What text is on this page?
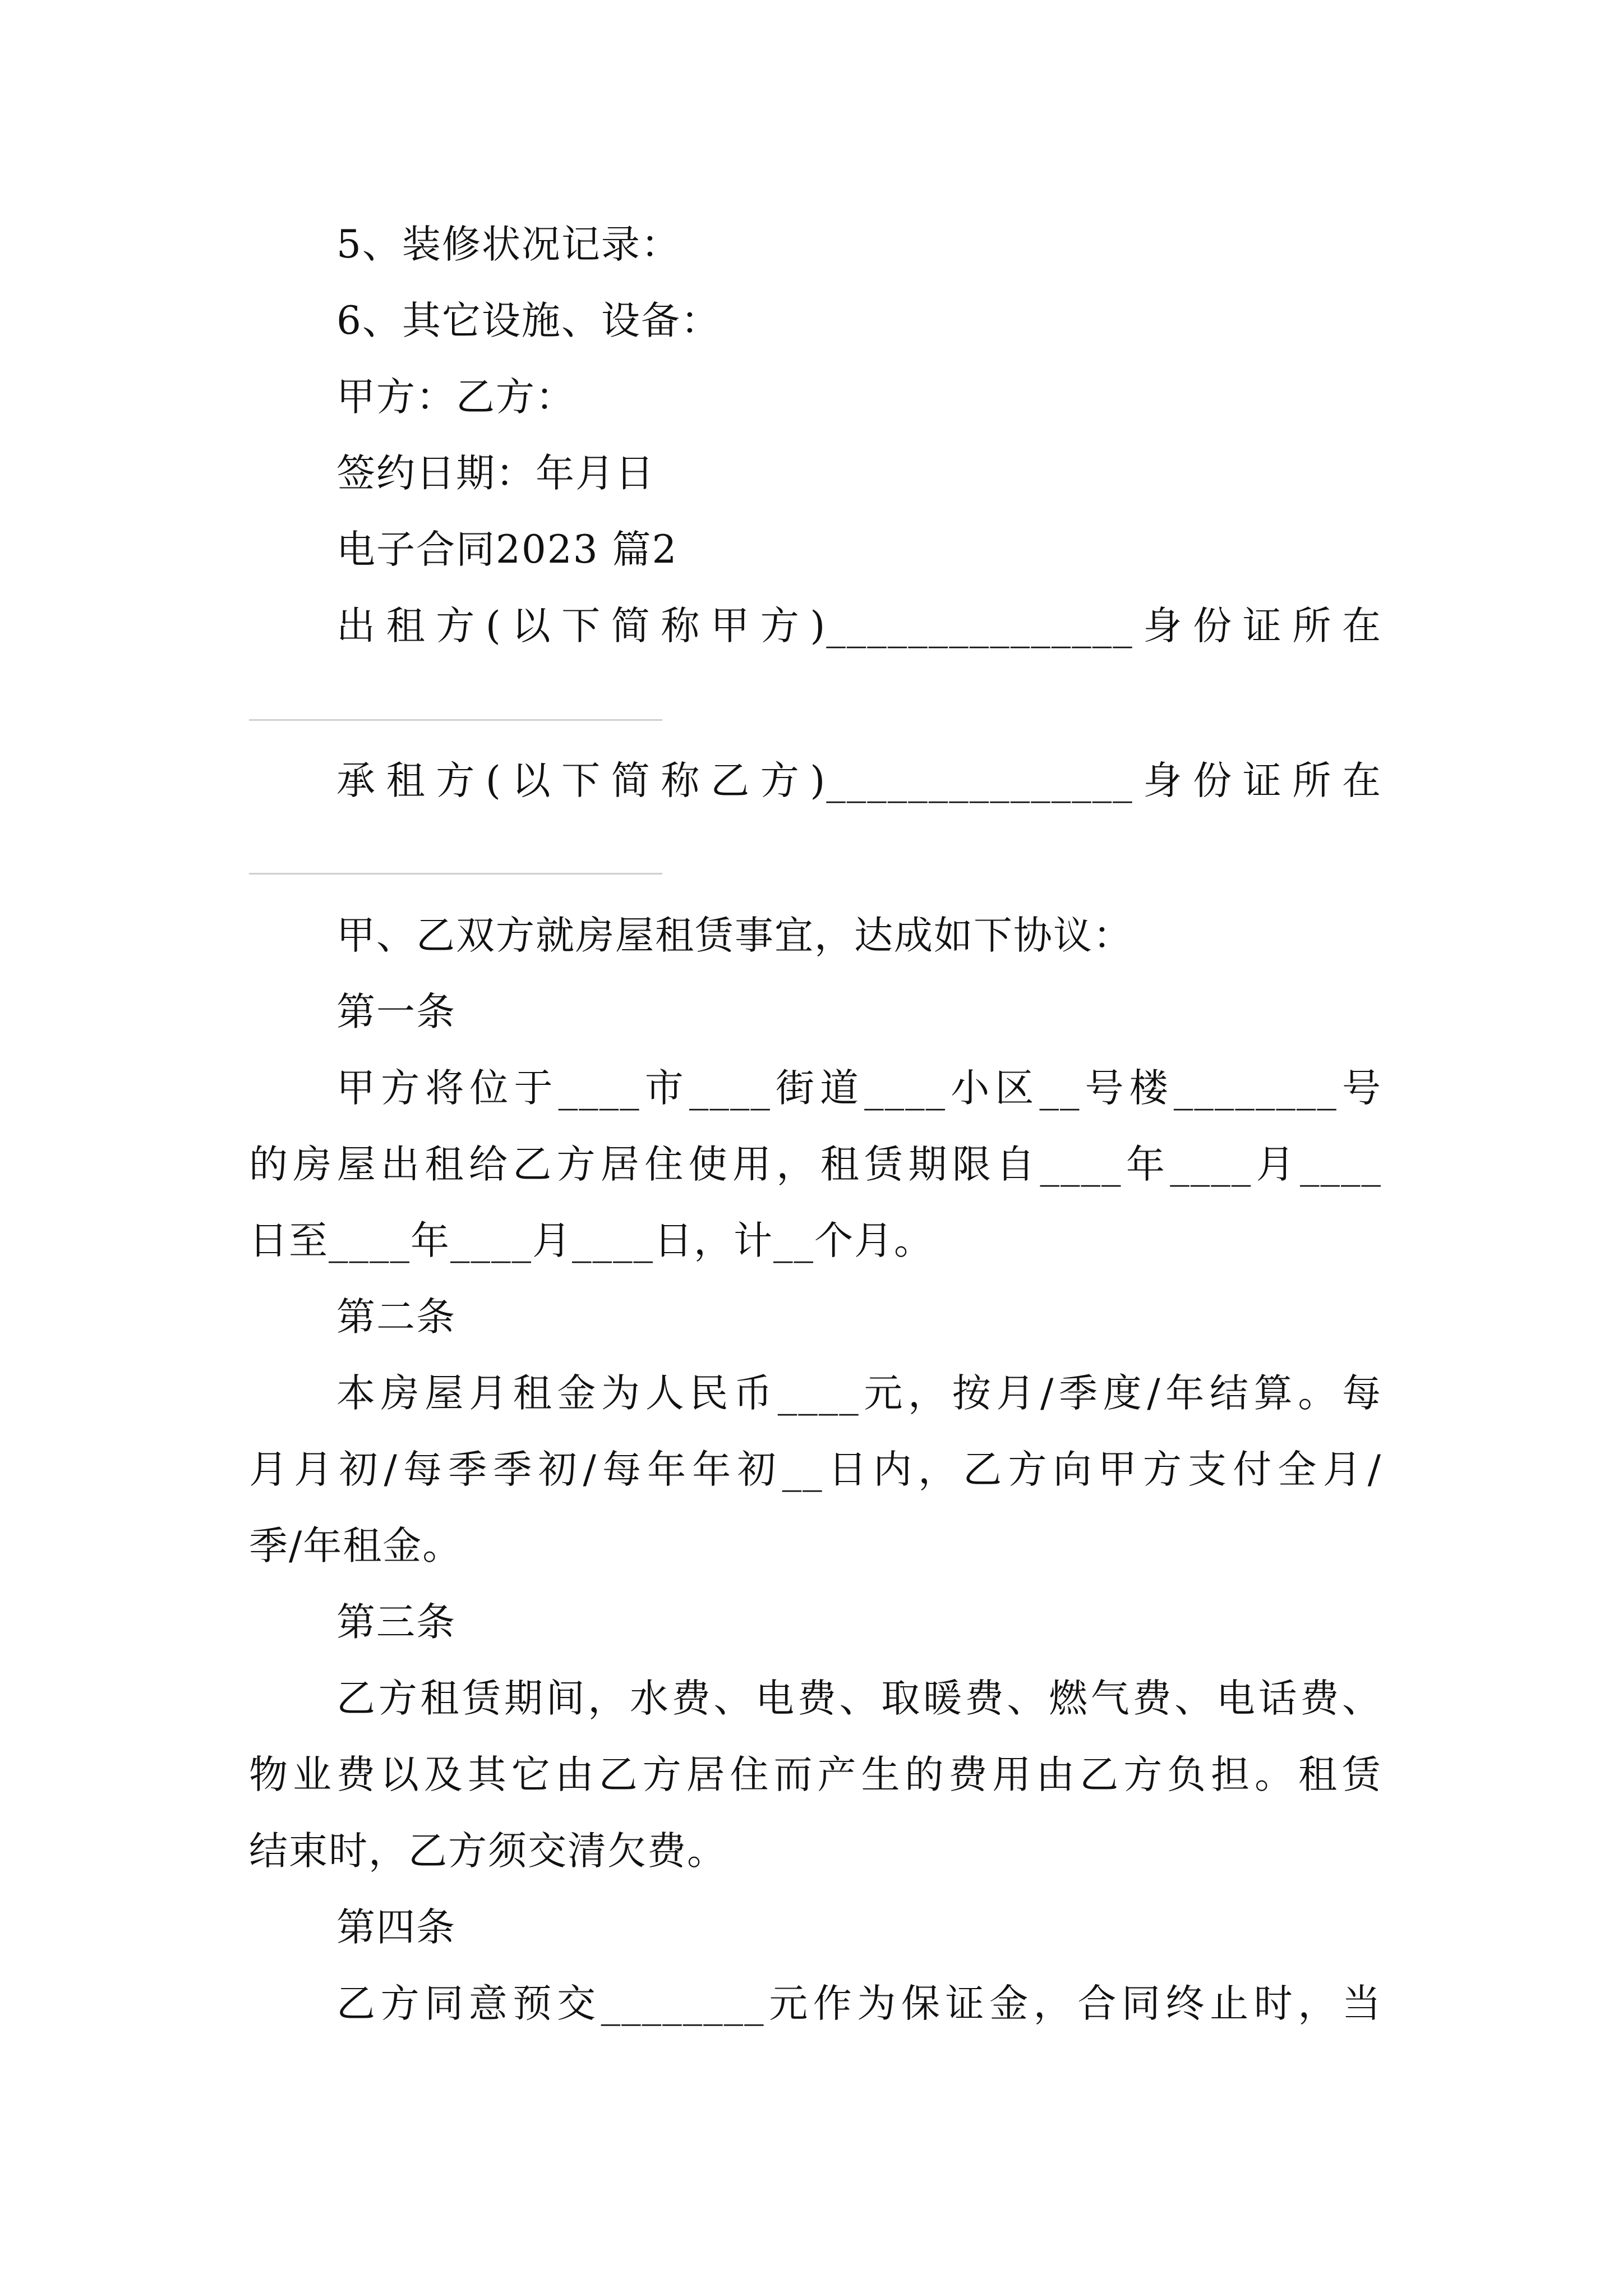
5、装修状况记录：
6、其它设施、设备：
甲方：乙方：
签约日期：年月日
电子合同2023 篇2
出租方(以下简称甲方)_______________身份证所在
承租方(以下简称乙方)_______________身份证所在
甲、乙双方就房屋租赁事宜，达成如下协议：
第一条
甲方将位于____市____街道____小区__号楼________号
的房屋出租给乙方居住使用，租赁期限自____年____月____
日至____年____月____日，计__个月。
第二条
本房屋月租金为人民币____元，按月/季度/年结算。每
月月初/每季季初/每年年初__日内，乙方向甲方支付全月/
季/年租金。
第三条
乙方租赁期间，水费、电费、取暖费、燃气费、电话费、
物业费以及其它由乙方居住而产生的费用由乙方负担。租赁
结束时，乙方须交清欠费。
第四条
乙方同意预交________元作为保证金，合同终止时，当
